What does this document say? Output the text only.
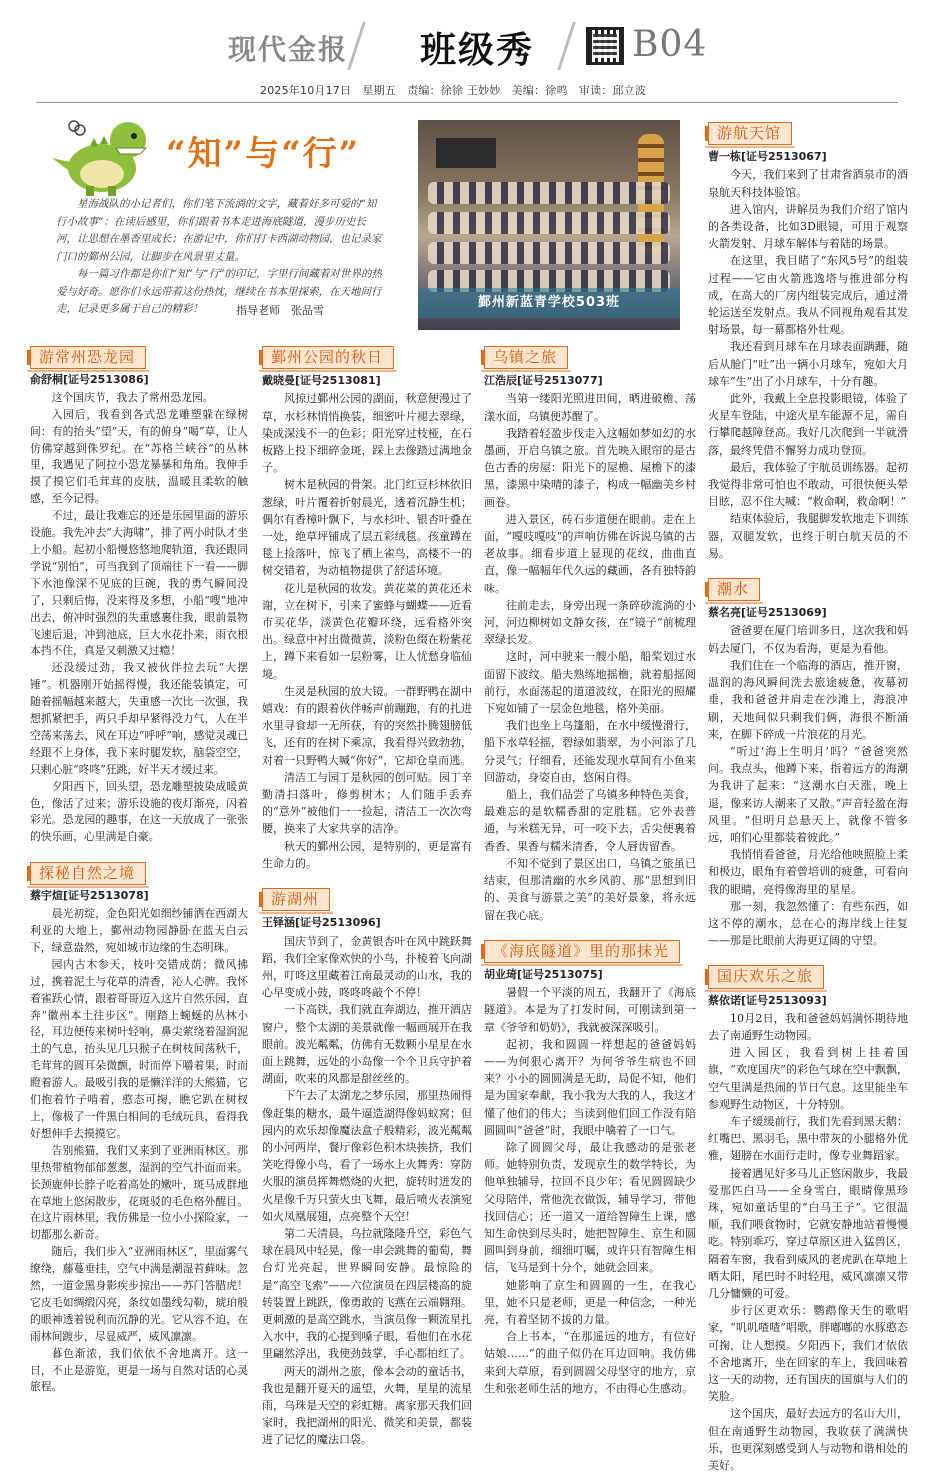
现代金报 班级秀	B04
2025年10月17日　星期五　责编：徐徐 王妙妙　美编：徐鸣　审读：邱立波
“知”与“行”

星海战队的小记者们，你们笔下流淌的文字，藏着好多可爱的“知行小故事”：在读后感里，你们跟着书本走进海底隧道，漫步历史长河，让思想在墨香里成长；在游记中，你们打卡西湖动物园，也记录家门口的鄞州公园，让脚步在风景里丈量。

每一篇习作都是你们“知”与“行”的印记，字里行间藏着对世界的热爱与好奇。愿你们永远带着这份热忱，继续在书本里探索，在天地间行走，记录更多属于自己的精彩！	指导老师　张品雪
鄞州新蓝青学校503班
游常州恐龙园
俞舒桐[证号2513086]

这个国庆节，我去了常州恐龙园。

入园后，我看到各式恐龙雕塑躲在绿树间：有的抬头“望”天，有的俯身“喝”草，让人仿佛穿越到侏罗纪。在“苏格兰峡谷”的丛林里，我遇见了阿拉小恐龙暴暴和角角。我伸手摸了摸它们毛茸茸的皮肤，温暖且柔软的触感，至今记得。

不过，最让我难忘的还是乐园里面的游乐设施。我先冲去“大海啸”，排了两小时队才坐上小船。起初小船慢悠悠地爬轨道，我还跟同学说“别怕”，可当我到了顶端往下一看——脚下水池像深不见底的巨碗，我的勇气瞬间没了，只剩后悔，没来得及多想，小船“嗖”地冲出去，俯冲时强烈的失重感裹住我，眼前景物飞速后退，冲到池底，巨大水花扑来，雨衣根本挡不住，真是又刺激又过瘾！

还没缓过劲，我又被伙伴拉去玩“大摆锤”。机器刚开始摇得慢，我还能装镇定，可随着摇幅越来越大，失重感一次比一次强，我想抓紧把手，两只手却早紧得没力气，人在半空荡来荡去，风在耳边“呼呼”响，感觉灵魂已经跟不上身体，我下来时腿发软，脑袋空空，只剩心脏“咚咚”狂跳，好半天才缓过来。

夕阳西下，回头望，恐龙雕塑披染成暖黄色，像活了过来；游乐设施的夜灯渐亮，闪着彩光。恐龙园的趣事，在这一天放成了一张张的快乐画，心里满是自豪。

探秘自然之境
蔡宇煊[证号2513078]

晨光初绽，金色阳光如细纱铺洒在西湖大利亚的大地上，鄞州动物园静卧在蓝天白云下，绿意盎然，宛如城市边缘的生态明珠。

园内古木参天，枝叶交错成荫；微风拂过，携着泥土与花草的清香，沁人心脾。我怀着雀跃心情，跟着哥哥迈入这片自然乐园，直奔“徽州本土往步区”。刚踏上蜿蜒的丛林小径，耳边便传来树叶轻响，鼻尖萦绕着湿润泥土的气息，抬头见几只猴子在树枝间荡秋千，毛茸茸的圆耳朵微颤，时而停下嚼着果，时而瞪着游人。最吸引我的是懒洋洋的大熊猫，它们抱着竹子啃着，憨态可掬，瞧它趴在树杈上，像极了一件黑白相间的毛绒玩具，看得我好想伸手去摸摸它。

告别熊猫，我们又来到了亚洲雨林区。那里热带植物郁郁葱葱，湿润的空气扑面而来。长颈鹿伸长脖子吃着高处的嫩叶，斑马成群地在草地上悠闲散步，花斑驳的毛色格外醒目。在这片雨林里，我仿佛是一位小小探险家，一切都那么新奇。

随后，我们步入“亚洲雨林区”，里面雾气缭绕，藤蔓垂挂，空气中满是潮湿苔藓味。忽然，一道金黑身影疾步掠出——苏门答腊虎！它皮毛如绸缎闪亮，条纹如墨线勾勒，琥珀般的眼神透着锐利而沉静的光。它从容不迫，在雨林间踱步，尽显威严，威风凛凛。

暮色渐浓，我们依依不舍地离开。这一日，不止是游览，更是一场与自然对话的心灵旅程。

鄞州公园的秋日
戴晓曼[证号2513081]

风掠过鄞州公园的湖面，秋意便漫过了草，水杉林悄悄换装，细密叶片褪去翠绿，染成深浅不一的色彩；阳光穿过枝桠，在石板路上投下细碎金斑，踩上去像踏过满地金子。

树木是秋园的骨架。北门红豆杉林依旧葱绿，叶片覆着折射晨光，透着沉静生机；偶尔有香樟叶飘下，与水杉叶、银杏叶叠在一处，绝草坪铺成了层五彩绒毯。孩童蹲在毯上捡落叶，惊飞了栖上雀鸟，高楼不一的树交错着，为动植物提供了舒适环境。

花儿是秋园的妆发。黄花菜的黄花还未谢，立在树下，引来了蜜蜂与蝴蝶——近看市买花华，淡黄色花瓣环绕，远看格外突出。绿意中衬出微微黄，淡粉色缀在粉紫花上，蹲下来看如一层粉雾，让人忧愁身临仙境。

生灵是秋园的放大镜。一群野鸭在湖中嬉戏：有的跟着伙伴畅声前蹦跑，有的扎进水里寻食却一无所获，有的突然扑腾翅膀低飞，还有的在树下乘凉，我看得兴致勃勃，对着一只野鸭大喊“你好”，它却仓皇而逃。

清洁工与园丁是秋园的创可贴。园丁辛勤清扫落叶，修剪树木；人们随手丢弃的“意外”被他们一一捡起，清洁工一次次弯腰，换来了大家共享的洁净。

秋天的鄞州公园，是特别的，更是富有生命力的。

游湖州
王铎涵[证号2513096]

国庆节到了，金黄银杏叶在风中跳跃舞蹈，我们全家像欢快的小鸟，扑棱着飞向湖州，叮咚这里藏着江南最灵动的山水，我的心早变成小鼓，咚咚咚敲个不停！

一下高铁，我们就直奔湖边，推开酒店窗户，整个太湖的美景就像一幅画展开在我眼前。波光粼粼，仿佛有无数颗小星星在水面上跳舞，远处的小岛像一个个卫兵守护着湖面，吹来的风都是甜丝丝的。

下午去了太湖龙之梦乐园，那里热闹得像赶集的糖水，最牛逼造湖得像妈蚁窝；但园内的欢乐却像魔法盒子般精彩，波光粼粼的小河两岸，餐厅像彩色积木块挨挤，我们笑吃得像小鸟，看了一场水上火舞秀：穿防火服的演员挥舞燃烧的火把，旋转时迸发的火星像千万只萤火虫飞舞，最后喷火表演宛如火凤凰展翅，点亮整个天空！

第二天清晨，乌拉就隆隆升空，彩色气球在晨风中轻晃，像一串会跳舞的葡萄，舞台灯光亮起，世界瞬间安静。最惊险的是“高空飞索”——六位演员在四层楼高的旋转装置上跳跃，像勇敢的飞燕在云端翱翔。更刺激的是高空跳水，当演员像一颗流星扎入水中，我的心提到嗓子眼，看他们在水花里翩然浮出，我使劲鼓掌，手心都拍红了。

两天的湖州之旅，像本会动的童话书，我也是翻开夏天的遥望，火舞，星星的流星雨，乌珠是天空的彩虹糖。离家那天我们回家时，我把湖州的阳光、微笑和美景，都装进了记忆的魔法口袋。

乌镇之旅
江浩辰[证号2513077]

当第一缕阳光照进田间，晒进破檐、荡漾水面，乌镇便苏醒了。

我踏着轻盈步伐走入这幅如梦如幻的水墨画，开启乌镇之旅。首先映入眼帘的是古色古香的房屋：阳光下的屋檐、屋檐下的漆黑，漆黑中染晴的漆子，构成一幅幽美乡村画卷。

进入景区，砖石步道便在眼前。走在上面，“嘎吱嘎吱”的声响仿佛在诉说乌镇的古老故事。细看步道上显现的花纹，曲曲直直，像一幅幅年代久远的藏画，各有独特韵味。

往前走去，身旁出现一条碎砂流淌的小河，河边柳树如文静女孩，在“镜子”前梳理翠绿长发。

这时，河中驶来一艘小船，船桨划过水面留下波纹。船夫熟练地摇橹，就着船摇阅前行，水面荡起的道道波纹，在阳光的照耀下宛如铺了一层金色地毯，格外美丽。

我们也坐上乌篷船，在水中缓慢滑行，船下水草轻摇，碧绿如翡翠，为小河添了几分灵气；仔细看，还能发现水草间有小鱼来回游动，身姿自由，悠闲自得。

船上，我们品尝了乌镇多种特色美食，最难忘的是软糯香甜的定胜糕。它外表普通，与米糕无异，可一咬下去，舌尖便裹着香香、果香与糯米清香，令人唇齿留香。

不知不觉到了景区出口，乌镇之旅虽已结束，但那清幽的水乡风韵、那“思想到旧的、美食与游景之美”的美好景象，将永远留在我心底。

《海底隧道》里的那抹光
胡业琦[证号2513075]

暑假一个平淡的周五，我翻开了《海底隧道》。本是为了打发时间，可刚读到第一章《爷爷和奶奶》，我就被深深吸引。

起初，我和圆圆一样想起的爸爸妈妈——为何狠心离开？为何爷爷生病也不回来？小小的圆圆满是无助，局促不知，他们是为国家奉献，我小我为大我的人，我这才懂了他们的伟大；当读到他们回工作没有陪圆圆叫“爸爸”时，我眼中噙着了一口气。

除了圆圆父母，最让我感动的是张老师。她特别负责，发现京生的数学特长，为他单独辅导，拉回不良少年；看见圆圆缺少父母陪伴，常他洗衣做饭，辅导学习，带他找回信心；还一道又一道给智障生上课，感知生命快到尽头时，她把智障生、京生和圆圆叫到身前，细细叮嘱，或许只有智障生相信，飞马是到十分个，她就会回来。

她影响了京生和圆圆的一生，在我心里，她不只是老师，更是一种信念，一种光亮，有着坚韧不拔的力量。

合上书本，“在那遥远的地方，有位好姑娘……”的曲子似仍在耳边回响。我仿佛来到大草原，看到圆圆父母坚守的地方，京生和张老师生活的地方，不由得心生感动。

游航天馆
曹一栋[证号2513067]

今天，我们来到了甘肃省酒泉市的酒泉航天科技体验馆。

进入馆内，讲解员为我们介绍了馆内的各类设备，比如3D眼镜，可用于观察火箭发射、月球车解体与着陆的场景。

在这里，我目睹了“东风5号”的组装过程——它由火箭逃逸塔与推进部分构成，在高大的厂房内组装完成后，通过滑轮运送至发射点。我从不同视角观看其发射场景，每一幕都格外壮观。

我还看到月球车在月球表面蹒跚，随后从舱门“吐”出一辆小月球车，宛如大月球车“生”出了小月球车，十分有趣。

此外，我戴上全息投影眼镜，体验了火星车登陆，中途火星车能源不足，需自行攀爬越障登高。我好几次爬到一半就滑落，最终凭借不懈努力成功登顶。

最后，我体验了宇航员训练器。起初我觉得非常可怕也不敢动，可很快便头晕目眩，忍不住大喊：“救命啊，救命啊！”

结束体验后，我腿脚发软地走下训练器，双腿发软，也终于明白航天员的不易。

潮水
蔡名亮[证号2513069]

爸爸要在厦门培训多日，这次我和妈妈去厦门，不仅为看海，更是为看他。

我们住在一个临海的酒店，推开窗，温润的海风瞬间洗去旅途疲惫，夜幕初垂，我和爸爸并肩走在沙滩上，海浪冲刷，天地间似只剩我们俩，海很不断涌来，在脚下碎成一片浪花的月光。

“听过‘海上生明月’吗？”爸爸突然问。我点头，他蹲下来，指着远方的海潮为我讲了起来：“这潮水白天涨，晚上退，像来访人潮来了又散。”声音轻盈在海风里。“但明月总悬天上，就像不管多远，咱们心里都装着彼此。”

我悄悄看爸爸，月光给他映照脸上柔和极边，眼角有着曾培训的疲惫，可看向我的眼睛，亮得像海里的星星。

那一刻，我忽然懂了：有些东西，如这不停的潮水，总在心的海岸线上往复——那是比眼前大海更辽阔的守望。

国庆欢乐之旅
蔡依诺[证号2513093]

10月2日，我和爸爸妈妈满怀期待地去了南通野生动物园。

进入园区，我看到树上挂着国旗，“欢度国庆”的彩色气球在空中飘飘，空气里满是热闹的节日气息。这里能坐车参观野生动物区，十分特别。

车子缓缓前行，我们先看到黑天鹅：红嘴巴、黑羽毛，黑中带灰的小腿格外优雅，翅膀在水面行走时，像专业舞蹈家。

接着遇见好多马儿正悠闲散步，我最爱那匹白马——全身雪白，眼睛像黑珍珠，宛如童话里的“白马王子”。它很温顺，我们喂食物时，它就安静地站着慢慢吃。特别乖巧，穿过草原区进入猛兽区，隔着车窗，我看到威风的老虎趴在草地上晒太阳，尾巴时不时轻甩，威风凛凛又带几分慵懒的可爱。

步行区更欢乐：鹦鹉像天生的歌唱家，“叽叽喳喳”唱歌，胖嘟嘟的水豚憨态可掬，让人想摸。夕阳西下，我们才依依不舍地离开，坐在回家的车上，我回味着这一天的动物，还有国庆的国旗与人们的笑脸。

这个国庆，最好去远方的名山大川，但在南通野生动物园，我收获了满满快乐，也更深刻感受到人与动物和谐相处的美好。
